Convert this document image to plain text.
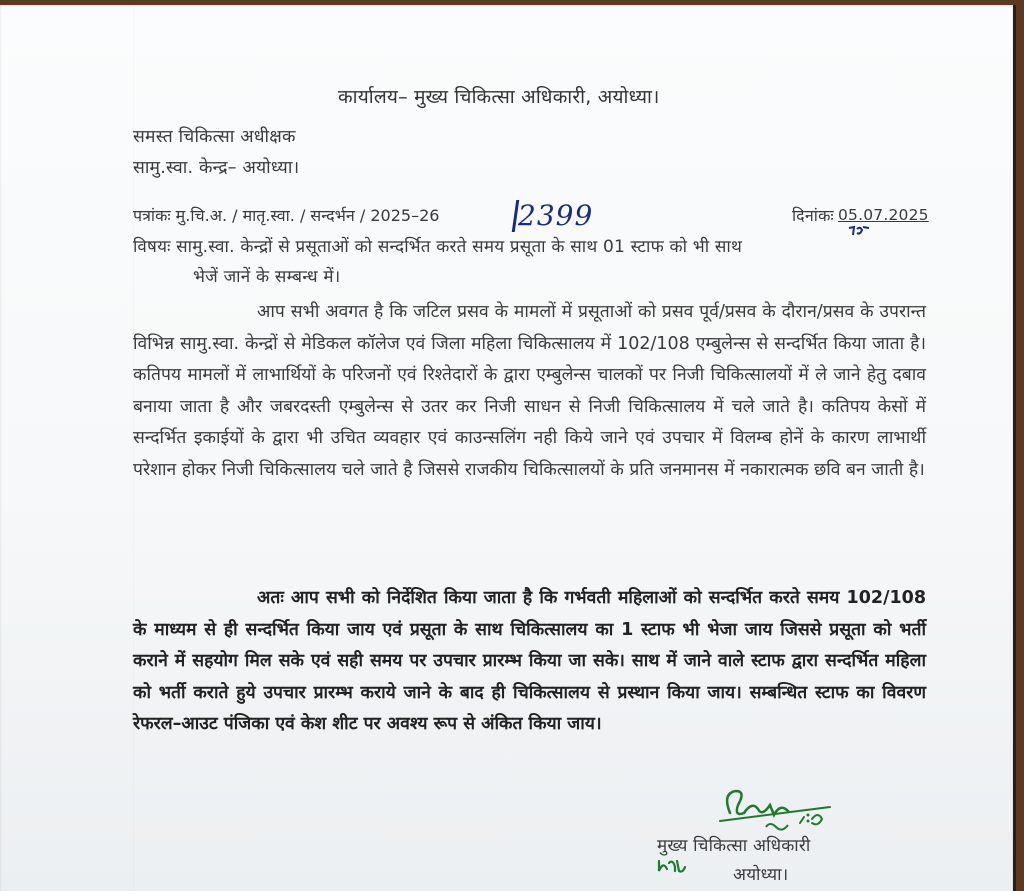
कार्यालय– मुख्य चिकित्सा अधिकारी, अयोध्या।
समस्त चिकित्सा अधीक्षक
सामु.स्वा. केन्द्र– अयोध्या।
पत्रांकः मु.चि.अ. / मातृ.स्वा. / सन्दर्भन / 2025–26	2399	दिनांकः 05.07.2025
विषयः सामु.स्वा. केन्द्रों से प्रसूताओं को सन्दर्भित करते समय प्रसूता के साथ 01 स्टाफ को भी साथ
भेजें जानें के सम्बन्ध में।
आप सभी अवगत है कि जटिल प्रसव के मामलों में प्रसूताओं को प्रसव पूर्व/प्रसव के दौरान/प्रसव के उपरान्त विभिन्न सामु.स्वा. केन्द्रों से मेडिकल कॉलेज एवं जिला महिला चिकित्सालय में 102/108 एम्बुलेन्स से सन्दर्भित किया जाता है। कतिपय मामलों में लाभार्थियों के परिजनों एवं रिश्तेदारों के द्वारा एम्बुलेन्स चालकों पर निजी चिकित्सालयों में ले जाने हेतु दबाव बनाया जाता है और जबरदस्ती एम्बुलेन्स से उतर कर निजी साधन से निजी चिकित्सालय में चले जाते है। कतिपय केसों में सन्दर्भित इकाईयों के द्वारा भी उचित व्यवहार एवं काउन्सलिंग नही किये जाने एवं उपचार में विलम्ब होनें के कारण लाभार्थी परेशान होकर निजी चिकित्सालय चले जाते है जिससे राजकीय चिकित्सालयों के प्रति जनमानस में नकारात्मक छवि बन जाती है।
अतः आप सभी को निर्देशित किया जाता है कि गर्भवती महिलाओं को सन्दर्भित करते समय 102/108 के माध्यम से ही सन्दर्भित किया जाय एवं प्रसूता के साथ चिकित्सालय का 1 स्टाफ भी भेजा जाय जिससे प्रसूता को भर्ती कराने में सहयोग मिल सके एवं सही समय पर उपचार प्रारम्भ किया जा सके। साथ में जाने वाले स्टाफ द्वारा सन्दर्भित महिला को भर्ती कराते हुये उपचार प्रारम्भ कराये जाने के बाद ही चिकित्सालय से प्रस्थान किया जाय। सम्बन्धित स्टाफ का विवरण रेफरल–आउट पंजिका एवं केश शीट पर अवश्य रूप से अंकित किया जाय।
मुख्य चिकित्सा अधिकारी
अयोध्या।
